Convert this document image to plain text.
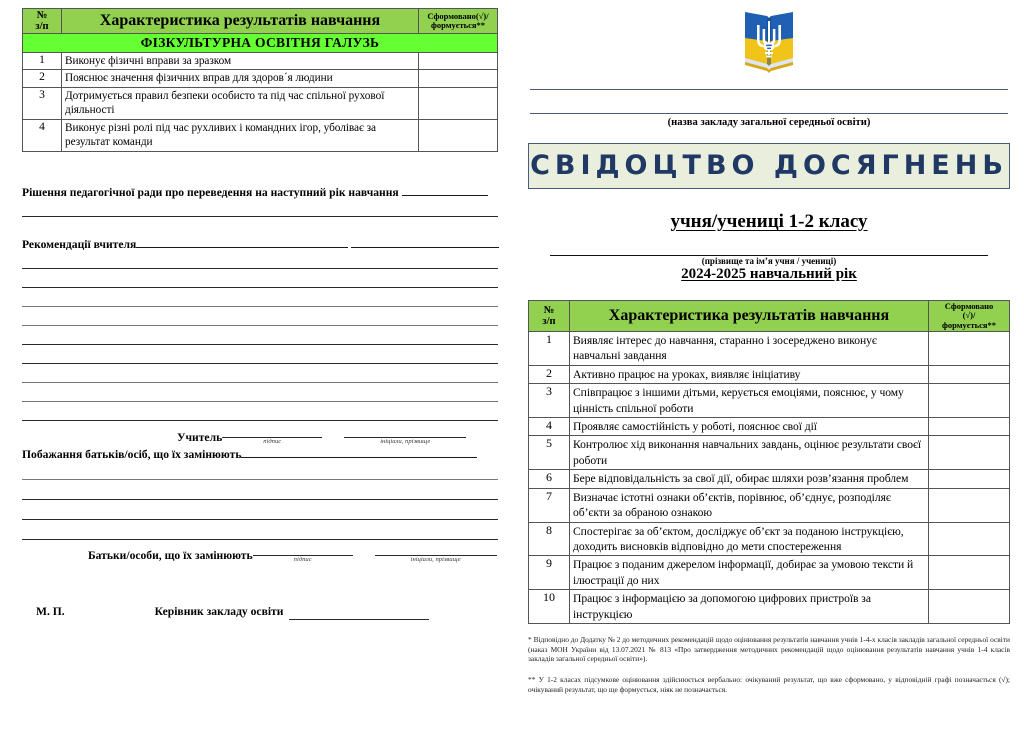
№
з/п	Характеристика результатів навчання	Сформовано(√)/
формується**
ФІЗКУЛЬТУРНА ОСВІТНЯ ГАЛУЗЬ		
1	Виконує фізичні вправи за зразком	
2	Пояснює значення фізичних вправ для здоров´я людини	
3	Дотримується правил безпеки особисто та під час спільної рухової діяльності	
4	Виконує різні ролі під час рухливих і командних ігор, уболіває за результат команди	
Рішення педагогічної ради про переведення на наступний рік навчання
Рекомендації вчителя
Учитель	підпис	ініціали, прізвище
Побажання батьків/осіб, що їх замінюють
Батьки/особи, що їх замінюють	підпис	ініціали, прізвище
М. П.	Керівник закладу освіти
(назва закладу загальної середньої освіти)
СВІДОЦТВО ДОСЯГНЕНЬ
учня/учениці 1-2 класу
(прізвище та ім’я учня / учениці)
2024-2025 навчальний рік
№
з/п	Характеристика результатів навчання	Сформовано
(√)/
формується**
1	Виявляє інтерес до навчання, старанно і зосереджено виконує навчальні завдання	
2	Активно працює на уроках, виявляє ініціативу	
3	Співпрацює з іншими дітьми, керується емоціями, пояснює, у чому цінність спільної роботи	
4	Проявляє самостійність у роботі, пояснює свої дії	
5	Контролює хід виконання навчальних завдань, оцінює результати своєї роботи	
6	Бере відповідальність за свої дії, обирає шляхи розв’язання проблем	
7	Визначає істотні ознаки об’єктів, порівнює, об’єднує, розподіляє об’єкти за обраною ознакою	
8	Спостерігає за об’єктом, досліджує об’єкт за поданою інструкцією, доходить висновків відповідно до мети спостереження	
9	Працює з поданим джерелом інформації, добирає за умовою тексти й ілюстрації до них	
10	Працює з інформацією за допомогою цифрових пристроїв за інструкцією	
* Відповідно до Додатку № 2 до методичних рекомендацій щодо оцінювання результатів навчання учнів 1-4-х класів закладів загальної середньої освіти (наказ МОН України від 13.07.2021 № 813 «Про затвердження методичних рекомендацій щодо оцінювання результатів навчання учнів 1-4 класів закладів загальної середньої освіти»).
** У 1-2 класах підсумкове оцінювання здійснюється вербально: очікуваний результат, що вже сформовано, у відповідній графі позначається (√); очікуваний результат, що ще формується, ніяк не позначається.
